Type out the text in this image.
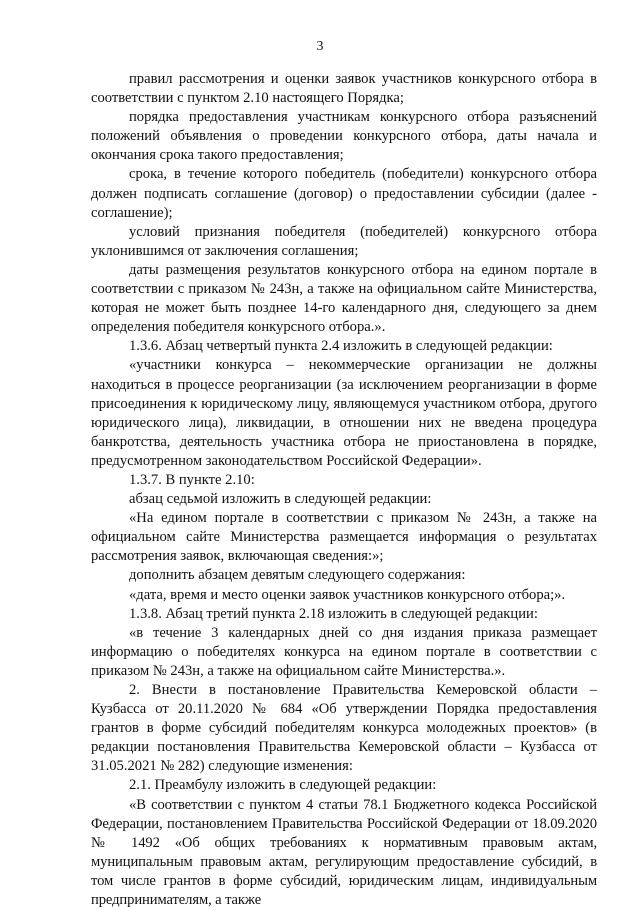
3

правил рассмотрения и оценки заявок участников конкурсного отбора в соответствии с пунктом 2.10 настоящего Порядка;

порядка предоставления участникам конкурсного отбора разъяснений положений объявления о проведении конкурсного отбора, даты начала и окончания срока такого предоставления;

срока, в течение которого победитель (победители) конкурсного отбора должен подписать соглашение (договор) о предоставлении субсидии (далее - соглашение);

условий признания победителя (победителей) конкурсного отбора уклонившимся от заключения соглашения;

даты размещения результатов конкурсного отбора на едином портале в соответствии с приказом № 243н, а также на официальном сайте Министерства, которая не может быть позднее 14-го календарного дня, следующего за днем определения победителя конкурсного отбора.».

1.3.6. Абзац четвертый пункта 2.4 изложить в следующей редакции:

«участники конкурса – некоммерческие организации не должны находиться в процессе реорганизации (за исключением реорганизации в форме присоединения к юридическому лицу, являющемуся участником отбора, другого юридического лица), ликвидации, в отношении них не введена процедура банкротства, деятельность участника отбора не приостановлена в порядке, предусмотренном законодательством Российской Федерации».

1.3.7. В пункте 2.10:

абзац седьмой изложить в следующей редакции:

«На едином портале в соответствии с приказом № 243н, а также на официальном сайте Министерства размещается информация о результатах рассмотрения заявок, включающая сведения:»;

дополнить абзацем девятым следующего содержания:

«дата, время и место оценки заявок участников конкурсного отбора;».

1.3.8. Абзац третий пункта 2.18 изложить в следующей редакции:

«в течение 3 календарных дней со дня издания приказа размещает информацию о победителях конкурса на едином портале в соответствии с приказом № 243н, а также на официальном сайте Министерства.».

2. Внести в постановление Правительства Кемеровской области – Кузбасса от 20.11.2020 № 684 «Об утверждении Порядка предоставления грантов в форме субсидий победителям конкурса молодежных проектов» (в редакции постановления Правительства Кемеровской области – Кузбасса от 31.05.2021 № 282) следующие изменения:

2.1. Преамбулу изложить в следующей редакции:

«В соответствии с пунктом 4 статьи 78.1 Бюджетного кодекса Российской Федерации, постановлением Правительства Российской Федерации от 18.09.2020 № 1492 «Об общих требованиях к нормативным правовым актам, муниципальным правовым актам, регулирующим предоставление субсидий, в том числе грантов в форме субсидий, юридическим лицам, индивидуальным предпринимателям, а также
